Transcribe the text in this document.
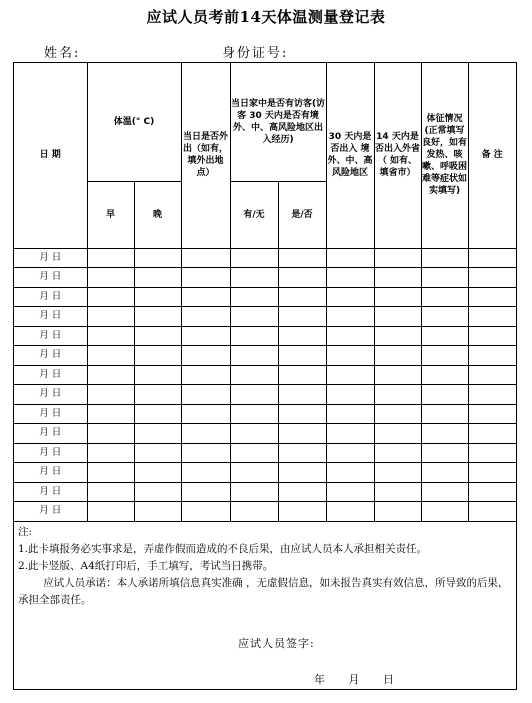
应试人员考前14天体温测量登记表
姓名:	身份证号:
日 期	体温(° C)		当日是否外出（如有，填外出地点）	当日家中是否有访客(访客 30 天内是否有境外、中、高风险地区出入经历)		30 天内是否出入 境外、中、高风险地区	14 天内是否出入外省（ 如有、填省市）	体征情况(正常填写良好，如有发热、咳嗽、呼吸困难等症状如实填写)	备 注
	早	晚		有/无	是/否				
月 日									
月 日									
月 日									
月 日									
月 日									
月 日									
月 日									
月 日									
月 日									
月 日									
月 日									
月 日									
月 日									
月 日									

注:

1.此卡填报务必实事求是，弄虚作假而造成的不良后果，由应试人员本人承担相关责任。

2.此卡竖版、A4纸打印后，手工填写，考试当日携带。

应试人员承诺：本人承诺所填信息真实准确 ，无虚假信息，如未报告真实有效信息，所导致的后果，承担全部责任。

应试人员签字:
年 月 日
